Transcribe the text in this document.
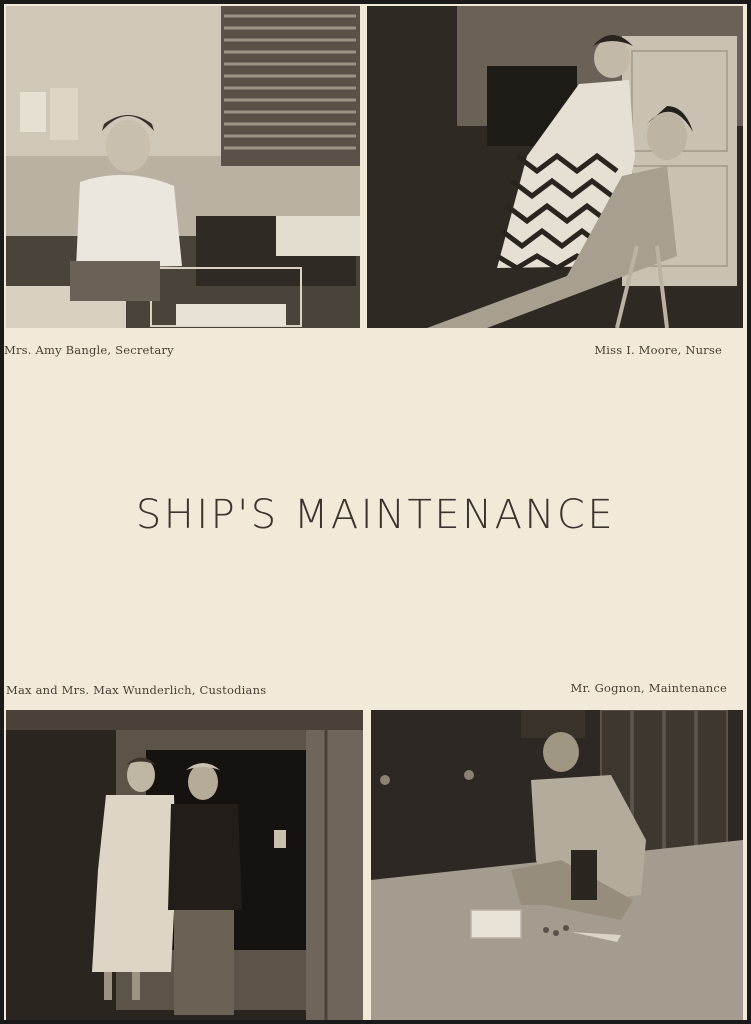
Mrs. Amy Bangle, Secretary	Miss I. Moore, Nurse
SHIP'S MAINTENANCE
Max and Mrs. Max Wunderlich, Custodians	Mr. Gognon, Maintenance
